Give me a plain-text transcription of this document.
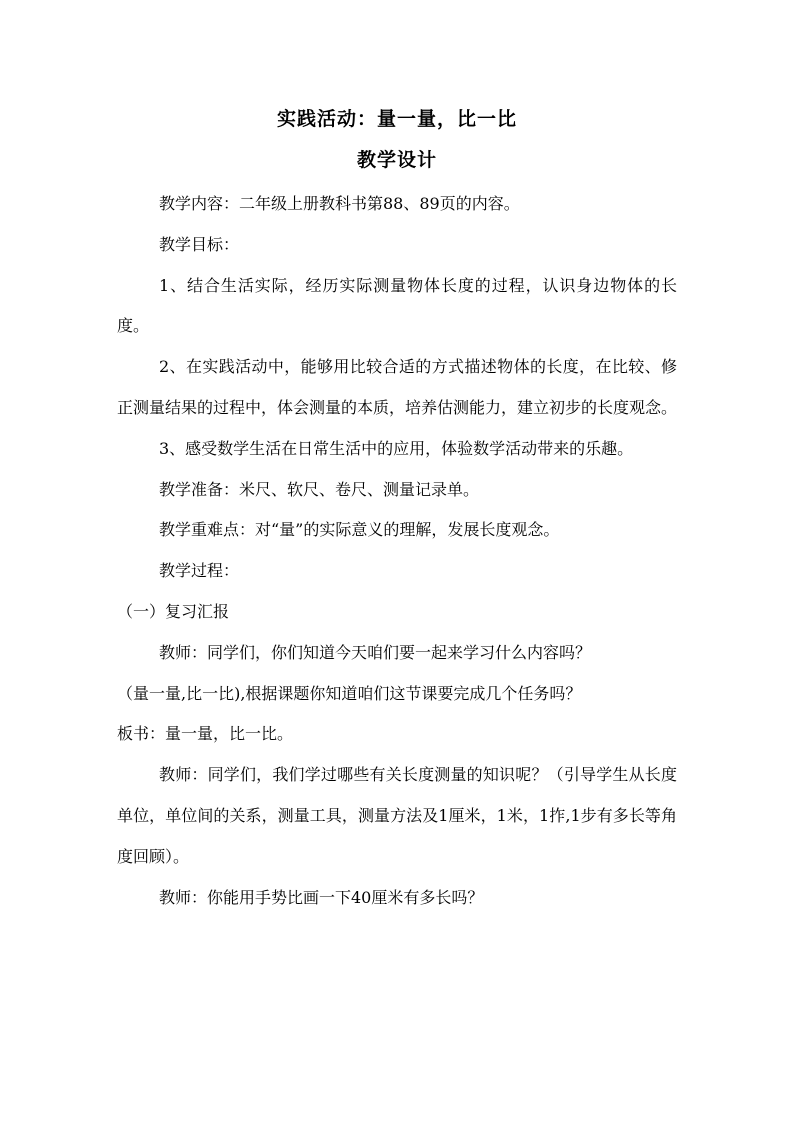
实践活动：量一量，比一比
教学设计

教学内容：二年级上册教科书第88、89页的内容。

教学目标：

1、结合生活实际，经历实际测量物体长度的过程，认识身边物体的长度。

2、在实践活动中，能够用比较合适的方式描述物体的长度，在比较、修正测量结果的过程中，体会测量的本质，培养估测能力，建立初步的长度观念。

3、感受数学生活在日常生活中的应用，体验数学活动带来的乐趣。

教学准备：米尺、软尺、卷尺、测量记录单。

教学重难点：对“量”的实际意义的理解，发展长度观念。

教学过程：

（一）复习汇报

教师：同学们，你们知道今天咱们要一起来学习什么内容吗？

（量一量,比一比),根据课题你知道咱们这节课要完成几个任务吗？

板书：量一量，比一比。

教师：同学们，我们学过哪些有关长度测量的知识呢？（引导学生从长度单位，单位间的关系，测量工具，测量方法及1厘米，1米，1拃,1步有多长等角度回顾）。

教师：你能用手势比画一下40厘米有多长吗？
